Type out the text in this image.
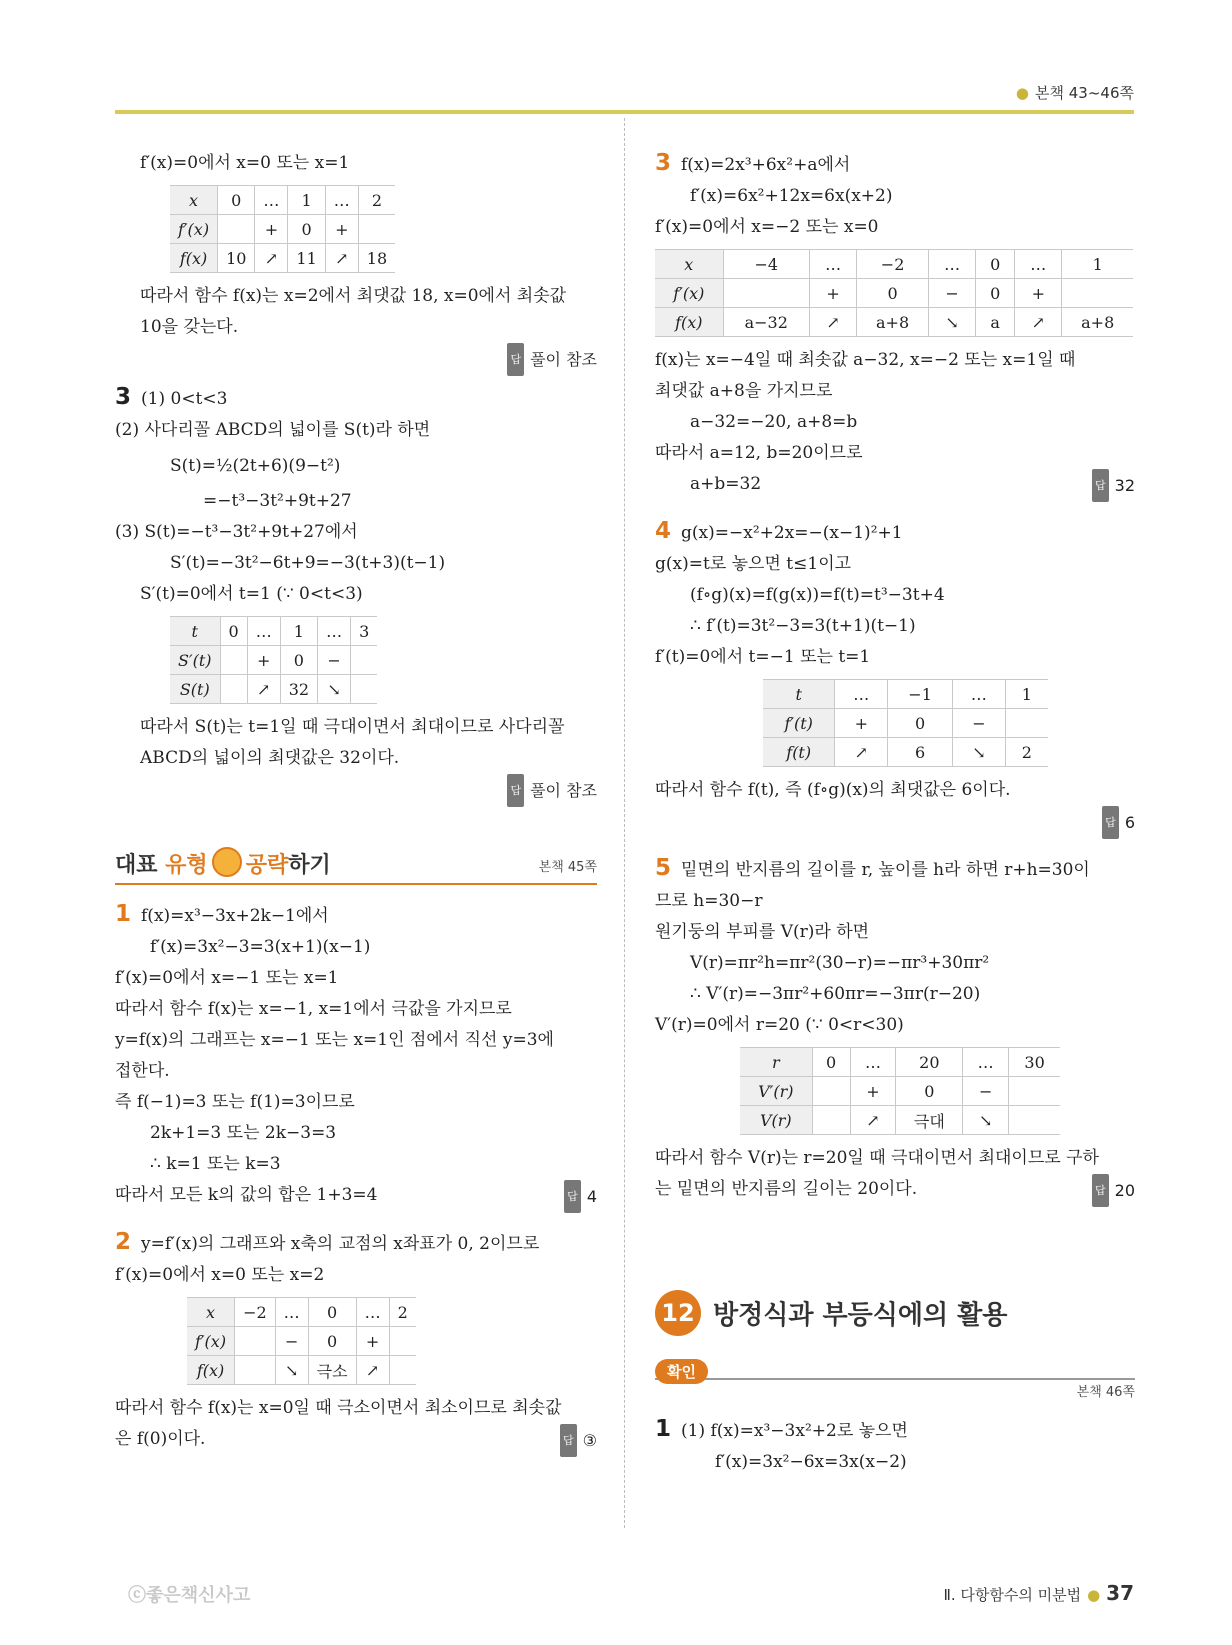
● 본책 43~46쪽
f′(x)=0에서 x=0 또는 x=1
x	0	…	1	…	2
f′(x)		+	0	+	
f(x)	10	↗	11	↗	18
따라서 함수 f(x)는 x=2에서 최댓값 18, x=0에서 최솟값
10을 갖는다.
답 풀이 참조
3 (1) 0<t<3
(2) 사다리꼴 ABCD의 넓이를 S(t)라 하면
S(t)=½(2t+6)(9−t²)
=−t³−3t²+9t+27
(3) S(t)=−t³−3t²+9t+27에서
S′(t)=−3t²−6t+9=−3(t+3)(t−1)
S′(t)=0에서 t=1 (∵ 0<t<3)
t	0	…	1	…	3
S′(t)		+	0	−	
S(t)		↗	32	↘	
따라서 S(t)는 t=1일 때 극대이면서 최대이므로 사다리꼴
ABCD의 넓이의 최댓값은 32이다.
답 풀이 참조
대표 유형 공략하기	본책 45쪽
1 f(x)=x³−3x+2k−1에서
f′(x)=3x²−3=3(x+1)(x−1)
f′(x)=0에서 x=−1 또는 x=1
따라서 함수 f(x)는 x=−1, x=1에서 극값을 가지므로
y=f(x)의 그래프는 x=−1 또는 x=1인 점에서 직선 y=3에
접한다.
즉 f(−1)=3 또는 f(1)=3이므로
2k+1=3 또는 2k−3=3
∴ k=1 또는 k=3
따라서 모든 k의 값의 합은 1+3=4	답 4
2 y=f′(x)의 그래프와 x축의 교점의 x좌표가 0, 2이므로
f′(x)=0에서 x=0 또는 x=2
x	−2	…	0	…	2
f′(x)		−	0	+	
f(x)		↘	극소	↗	
따라서 함수 f(x)는 x=0일 때 극소이면서 최소이므로 최솟값
은 f(0)이다.	답 ③
3 f(x)=2x³+6x²+a에서
f′(x)=6x²+12x=6x(x+2)
f′(x)=0에서 x=−2 또는 x=0
x	−4	…	−2	…	0	…	1
f′(x)		+	0	−	0	+	
f(x)	a−32	↗	a+8	↘	a	↗	a+8
f(x)는 x=−4일 때 최솟값 a−32, x=−2 또는 x=1일 때
최댓값 a+8을 가지므로
a−32=−20, a+8=b
따라서 a=12, b=20이므로
a+b=32	답 32
4 g(x)=−x²+2x=−(x−1)²+1
g(x)=t로 놓으면 t≤1이고
(f∘g)(x)=f(g(x))=f(t)=t³−3t+4
∴ f′(t)=3t²−3=3(t+1)(t−1)
f′(t)=0에서 t=−1 또는 t=1
t	…	−1	…	1
f′(t)	+	0	−	
f(t)	↗	6	↘	2
따라서 함수 f(t), 즉 (f∘g)(x)의 최댓값은 6이다.
답 6
5 밑면의 반지름의 길이를 r, 높이를 h라 하면 r+h=30이
므로 h=30−r
원기둥의 부피를 V(r)라 하면
V(r)=πr²h=πr²(30−r)=−πr³+30πr²
∴ V′(r)=−3πr²+60πr=−3πr(r−20)
V′(r)=0에서 r=20 (∵ 0<r<30)
r	0	…	20	…	30
V′(r)		+	0	−	
V(r)		↗	극대	↘	
따라서 함수 V(r)는 r=20일 때 극대이면서 최대이므로 구하
는 밑면의 반지름의 길이는 20이다.	답 20
12 방정식과 부등식에의 활용
확인
본책 46쪽
1 (1) f(x)=x³−3x²+2로 놓으면
f′(x)=3x²−6x=3x(x−2)
ⓒ좋은책신사고	Ⅱ. 다항함수의 미분법 ● 37
